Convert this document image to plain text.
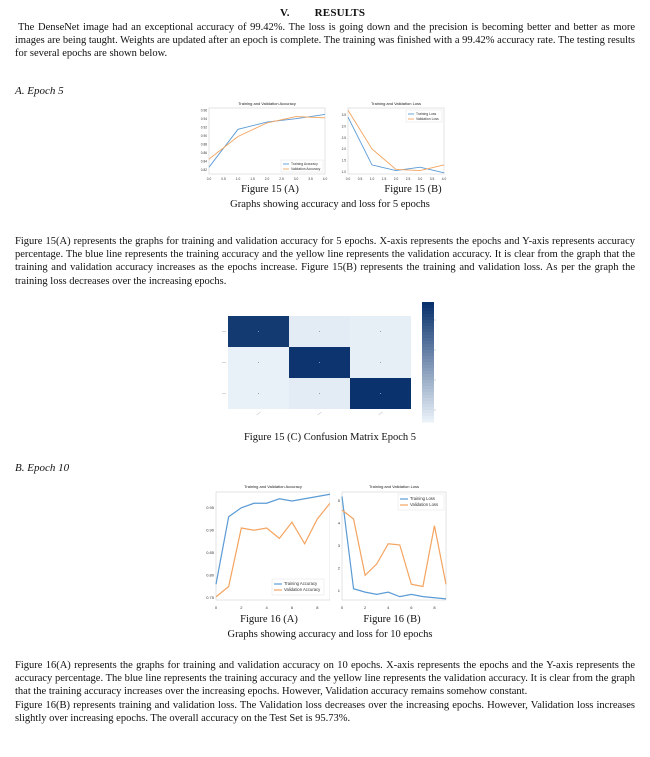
V. RESULTS
The DenseNet image had an exceptional accuracy of 99.42%. The loss is going down and the precision is becoming better and better as more images are being taught. Weights are updated after an epoch is complete. The training was finished with a 99.42% accuracy rate. The testing results for several epochs are shown below.
A. Epoch 5
Training and Validation Accuracy
0.82
0.84
0.86
0.88
0.90
0.92
0.94
0.96
0.0	0.5	1.0	1.5	2.0	2.5	3.0	3.5	4.0
Training Accuracy
Validation Accuracy
Training and Validation Loss
1.0
1.5
2.0
2.5
3.0
3.5
0.0 0.5 1.0 1.5 2.0 2.5 3.0 3.5 4.0
Training Loss
Validation Loss
Figure 15 (A)	Figure 15 (B)
Graphs showing accuracy and loss for 5 epochs
Figure 15(A) represents the graphs for training and validation accuracy for 5 epochs. X-axis represents the epochs and Y-axis represents accuracy percentage. The blue line represents the training accuracy and the yellow line represents the validation accuracy. It is clear from the graph that the training and validation accuracy increases as the epochs increase. Figure 15(B) represents the training and validation loss. As per the graph the training loss decreases over the increasing epochs.
Figure 15 (C) Confusion Matrix Epoch 5
B. Epoch 10
Training and Validation Accuracy
0.75
0.80
0.85
0.90
0.95
0	2	4	6	8
Training Accuracy
Validation Accuracy
Training and Validation Loss
1
2
3
4
5
0	2	4	6	8
Training Loss
Validation Loss
Figure 16 (A)	Figure 16 (B)
Graphs showing accuracy and loss for 10 epochs
Figure 16(A) represents the graphs for training and validation accuracy on 10 epochs. X-axis represents the epochs and the Y-axis represents the accuracy percentage. The blue line represents the training accuracy and the yellow line represents the validation accuracy. It is clear from the graph that the training accuracy increases over the increasing epochs. However, Validation accuracy remains somehow constant.
Figure 16(B) represents training and validation loss. The Validation loss decreases over the increasing epochs. However, Validation loss increases slightly over increasing epochs. The overall accuracy on the Test Set is 95.73%.
